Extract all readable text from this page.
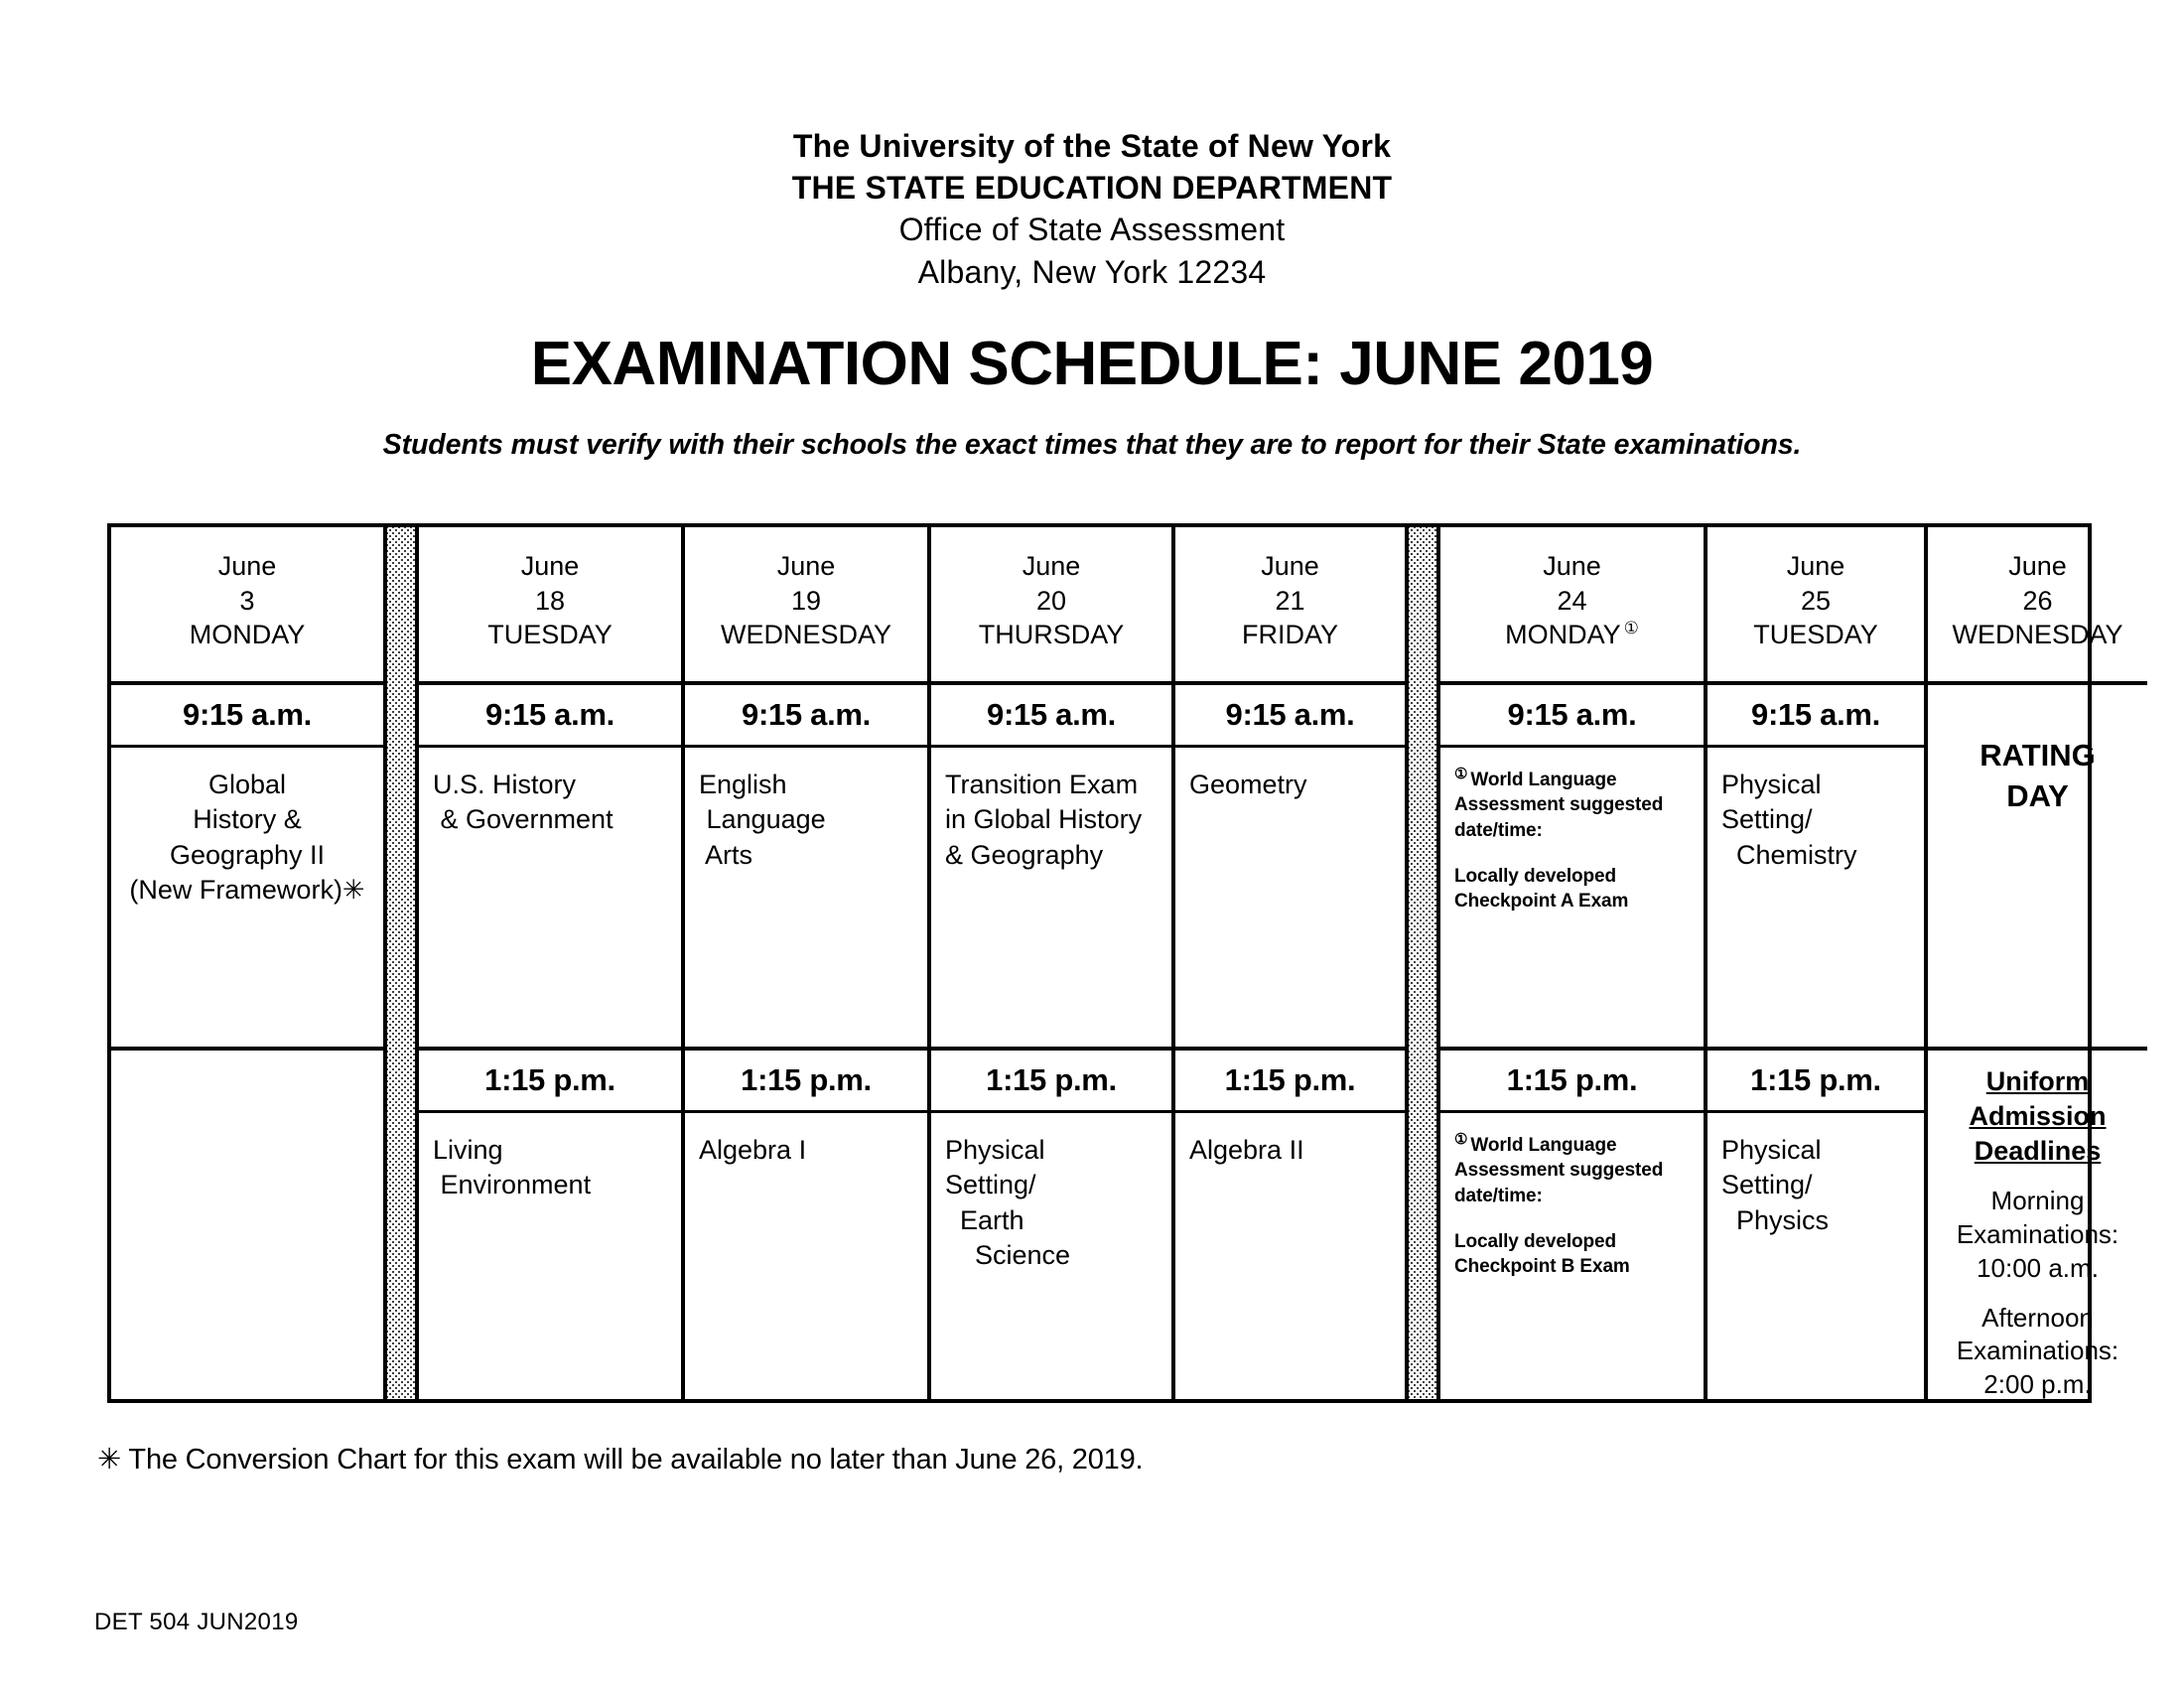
The University of the State of New York
THE STATE EDUCATION DEPARTMENT
Office of State Assessment
Albany, New York 12234
EXAMINATION SCHEDULE: JUNE 2019
Students must verify with their schools the exact times that they are to report for their State examinations.
June
3
MONDAY
9:15 a.m.
Global
History &
Geography II
(New Framework)✳
June
18
TUESDAY
9:15 a.m.
U.S. History
& Government
1:15 p.m.
Living
Environment
June
19
WEDNESDAY
9:15 a.m.
English
Language
Arts
1:15 p.m.
Algebra I
June
20
THURSDAY
9:15 a.m.
Transition Exam
in Global History
& Geography
1:15 p.m.
Physical
Setting/
Earth
Science
June
21
FRIDAY
9:15 a.m.
Geometry
1:15 p.m.
Algebra II
June
24
MONDAY ①
9:15 a.m.
① World Language
Assessment suggested
date/time:
Locally developed
Checkpoint A Exam
1:15 p.m.
① World Language
Assessment suggested
date/time:
Locally developed
Checkpoint B Exam
June
25
TUESDAY
9:15 a.m.
Physical
Setting/
Chemistry
1:15 p.m.
Physical
Setting/
Physics
June
26
WEDNESDAY
RATING
DAY
Uniform
Admission
Deadlines
Morning
Examinations:
10:00 a.m.
Afternoon
Examinations:
2:00 p.m.
✳ The Conversion Chart for this exam will be available no later than June 26, 2019.
DET 504 JUN2019
